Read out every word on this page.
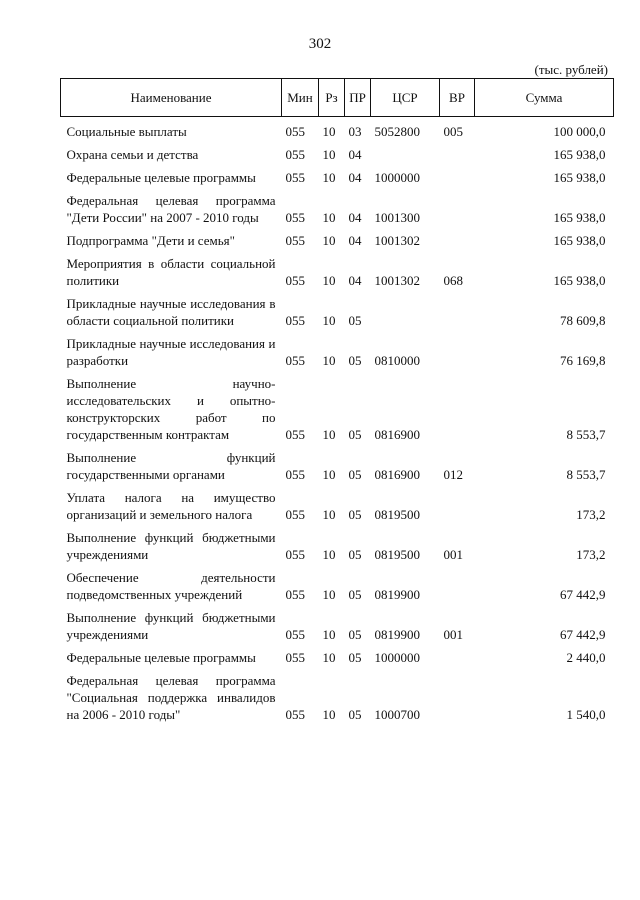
302
(тыс. рублей)
Наименование	Мин	Рз	ПР	ЦСР	ВР	Сумма

Социальные выплаты	055	10	03	5052800	005	100 000,0

Охрана семьи и детства	055	10	04			165 938,0

Федеральные целевые программы	055	10	04	1000000		165 938,0

Федеральная целевая программа "Дети России" на 2007 - 2010 годы	055	10	04	1001300		165 938,0

Подпрограмма "Дети и семья"	055	10	04	1001302		165 938,0

Мероприятия в области социальной политики	055	10	04	1001302	068	165 938,0

Прикладные научные исследования в области социальной политики	055	10	05			78 609,8

Прикладные научные исследования и разработки	055	10	05	0810000		76 169,8

Выполнение научно-исследовательских и опытно-конструкторских работ по государственным контрактам	055	10	05	0816900		8 553,7

Выполнение функций государственными органами	055	10	05	0816900	012	8 553,7

Уплата налога на имущество организаций и земельного налога	055	10	05	0819500		173,2

Выполнение функций бюджетными учреждениями	055	10	05	0819500	001	173,2

Обеспечение деятельности подведомственных учреждений	055	10	05	0819900		67 442,9

Выполнение функций бюджетными учреждениями	055	10	05	0819900	001	67 442,9

Федеральные целевые программы	055	10	05	1000000		2 440,0

Федеральная целевая программа "Социальная поддержка инвалидов на 2006 - 2010 годы"	055	10	05	1000700		1 540,0
